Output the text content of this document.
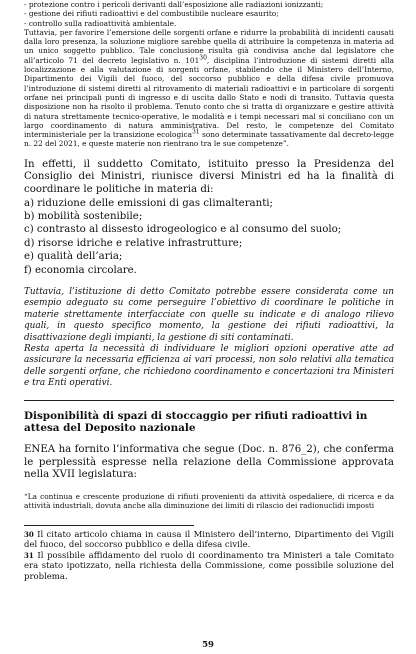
- protezione contro i pericoli derivanti dall’esposizione alle radiazioni ionizzanti;

- gestione dei rifiuti radioattivi e del combustibile nucleare esaurito;

- controllo sulla radioattività ambientale.

Tuttavia, per favorire l’emersione delle sorgenti orfane e ridurre la probabilità di incidenti causati dalla loro presenza, la soluzione migliore sarebbe quella di attribuire la competenza in materia ad un unico soggetto pubblico. Tale conclusione risulta già condivisa anche dal legislatore che all’articolo 71 del decreto legislativo n. $101^{30}$, disciplina l’introduzione di sistemi diretti alla localizzazione e alla valutazione di sorgenti orfane, stabilendo che il Ministero dell’Interno, Dipartimento dei Vigili del fuoco, del soccorso pubblico e della difesa civile promuova l’introduzione di sistemi diretti al ritrovamento di materiali radioattivi e in particolare di sorgenti orfane nei principali punti di ingresso e di uscita dallo Stato e nodi di transito. Tuttavia questa disposizione non ha risolto il problema. Tenuto conto che si tratta di organizzare e gestire attività di natura strettamente tecnico-operative, le modalità e i tempi necessari mal si conciliano con un largo coordinamento di natura amministrativa. Del resto, le competenze del Comitato interministeriale per la transizione ecologica$^{31}$ sono determinate tassativamente dal decreto-legge n. 22 del 2021, e queste materie non rientrano tra le sue competenze”.

In effetti, il suddetto Comitato, istituito presso la Presidenza del Consiglio dei Ministri, riunisce diversi Ministri ed ha la finalità di coordinare le politiche in materia di:

a) riduzione delle emissioni di gas climalteranti;
b) mobilità sostenibile;
c) contrasto al dissesto idrogeologico e al consumo del suolo;
d) risorse idriche e relative infrastrutture;
e) qualità dell’aria;
f) economia circolare.

Tuttavia, l’istituzione di detto Comitato potrebbe essere considerata come un esempio adeguato su come perseguire l’obiettivo di coordinare le politiche in materie strettamente interfacciate con quelle su indicate e di analogo rilievo quali, in questo specifico momento, la gestione dei rifiuti radioattivi, la disattivazione degli impianti, la gestione di siti contaminati.

Resta aperta la necessità di individuare le migliori opzioni operative atte ad assicurare la necessaria efficienza ai vari processi, non solo relativi alla tematica delle sorgenti orfane, che richiedono coordinamento e concertazioni tra Ministeri e tra Enti operativi.

Disponibilità di spazi di stoccaggio per rifiuti radioattivi in attesa del Deposito nazionale

ENEA ha fornito l’informativa che segue (Doc. n. 876_2), che conferma le perplessità espresse nella relazione della Commissione approvata nella XVII legislatura:

“La continua e crescente produzione di rifiuti provenienti da attività ospedaliere, di ricerca e da attività industriali, dovuta anche alla diminuzione dei limiti di rilascio dei radionuclidi imposti

30 Il citato articolo chiama in causa il Ministero dell’interno, Dipartimento dei Vigili del fuoco, del soccorso pubblico e della difesa civile.

31 Il possibile affidamento del ruolo di coordinamento tra Ministeri a tale Comitato era stato ipotizzato, nella richiesta della Commissione, come possibile soluzione del problema.

59
